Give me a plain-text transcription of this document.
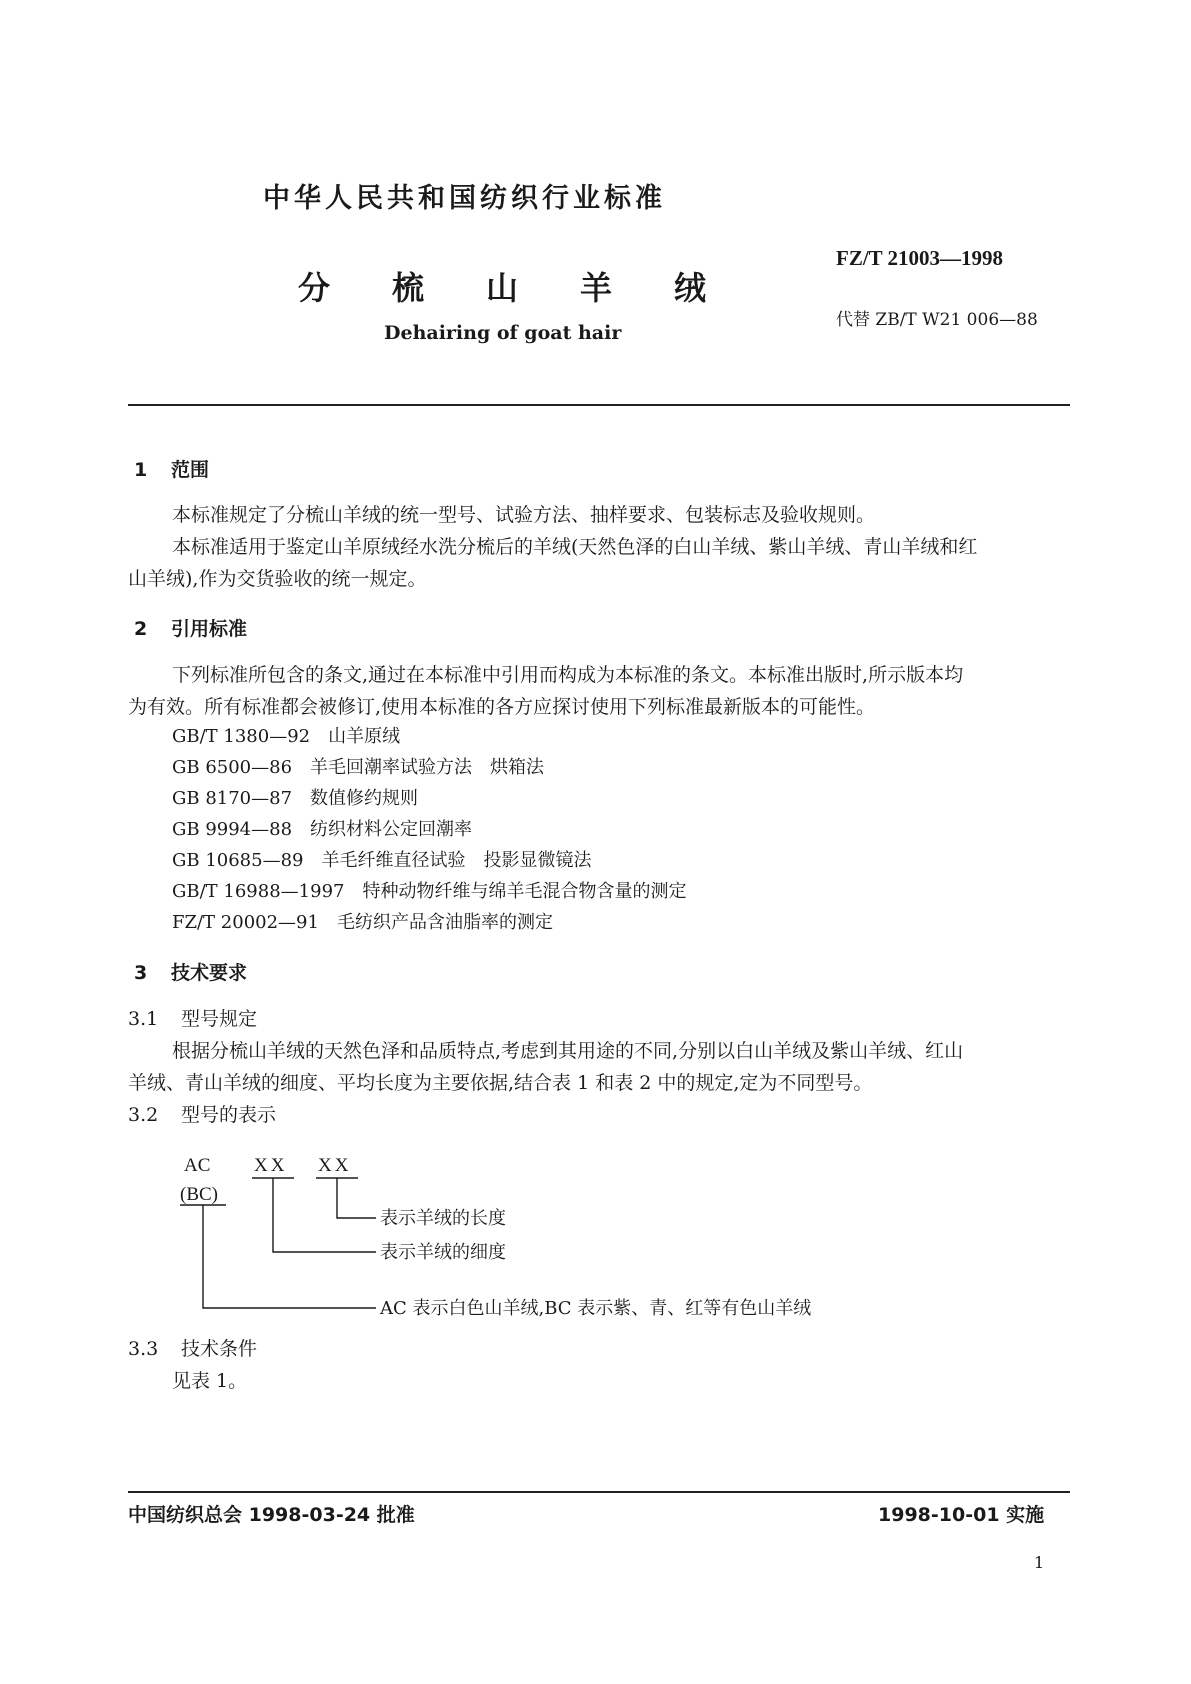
中华人民共和国纺织行业标准
FZ/T 21003—1998
分 梳 山 羊 绒
代替 ZB/T W21 006—88
Dehairing of goat hair
1 范围
本标准规定了分梳山羊绒的统一型号、试验方法、抽样要求、包装标志及验收规则。
本标准适用于鉴定山羊原绒经水洗分梳后的羊绒(天然色泽的白山羊绒、紫山羊绒、青山羊绒和红
山羊绒),作为交货验收的统一规定。
2 引用标准
下列标准所包含的条文,通过在本标准中引用而构成为本标准的条文。本标准出版时,所示版本均
为有效。所有标准都会被修订,使用本标准的各方应探讨使用下列标准最新版本的可能性。
GB/T 1380—92 山羊原绒
GB 6500—86 羊毛回潮率试验方法　烘箱法
GB 8170—87 数值修约规则
GB 9994—88 纺织材料公定回潮率
GB 10685—89 羊毛纤维直径试验　投影显微镜法
GB/T 16988—1997 特种动物纤维与绵羊毛混合物含量的测定
FZ/T 20002—91 毛纺织产品含油脂率的测定
3 技术要求
3.1 型号规定
根据分梳山羊绒的天然色泽和品质特点,考虑到其用途的不同,分别以白山羊绒及紫山羊绒、红山
羊绒、青山羊绒的细度、平均长度为主要依据,结合表 1 和表 2 中的规定,定为不同型号。
3.2 型号的表示
AC
(BC)
XX XX
表示羊绒的长度
表示羊绒的细度
AC 表示白色山羊绒,BC 表示紫、青、红等有色山羊绒
3.3 技术条件
见表 1。
中国纺织总会 1998-03-24 批准	1998-10-01 实施
1
